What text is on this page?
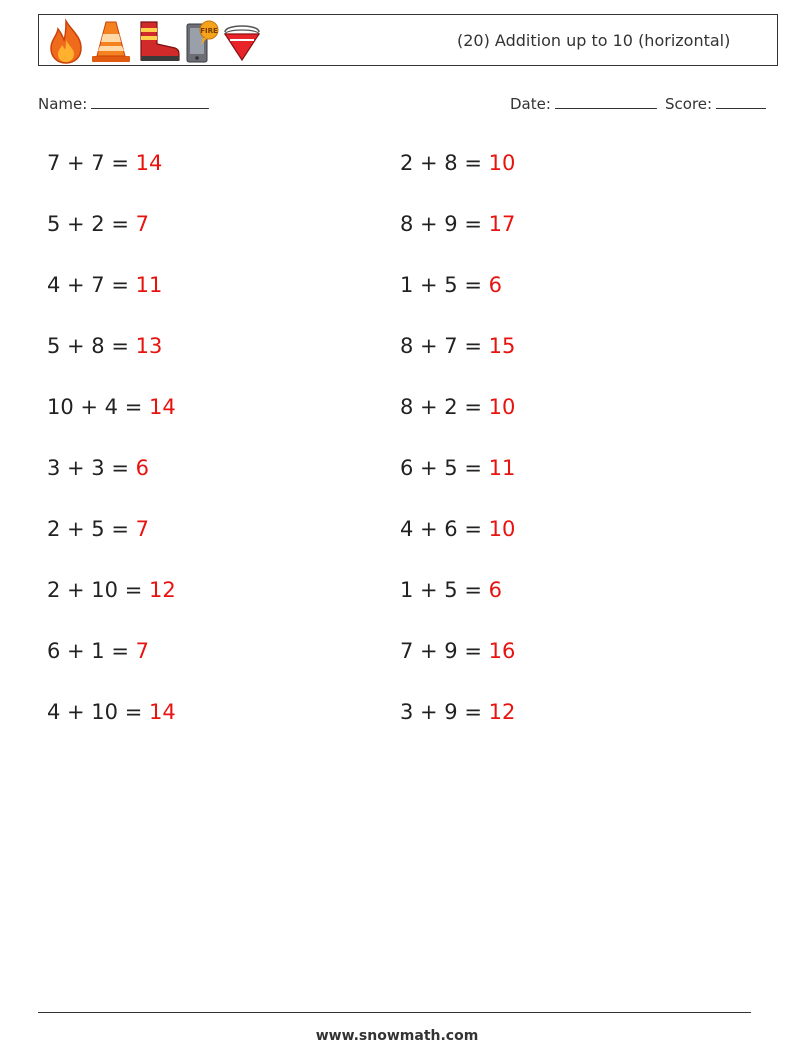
FIRE	(20) Addition up to 10 (horizontal)
Name:	Date:	Score:
7 + 7 = 14
5 + 2 = 7
4 + 7 = 11
5 + 8 = 13
10 + 4 = 14
3 + 3 = 6
2 + 5 = 7
2 + 10 = 12
6 + 1 = 7
4 + 10 = 14
2 + 8 = 10
8 + 9 = 17
1 + 5 = 6
8 + 7 = 15
8 + 2 = 10
6 + 5 = 11
4 + 6 = 10
1 + 5 = 6
7 + 9 = 16
3 + 9 = 12
www.snowmath.com
